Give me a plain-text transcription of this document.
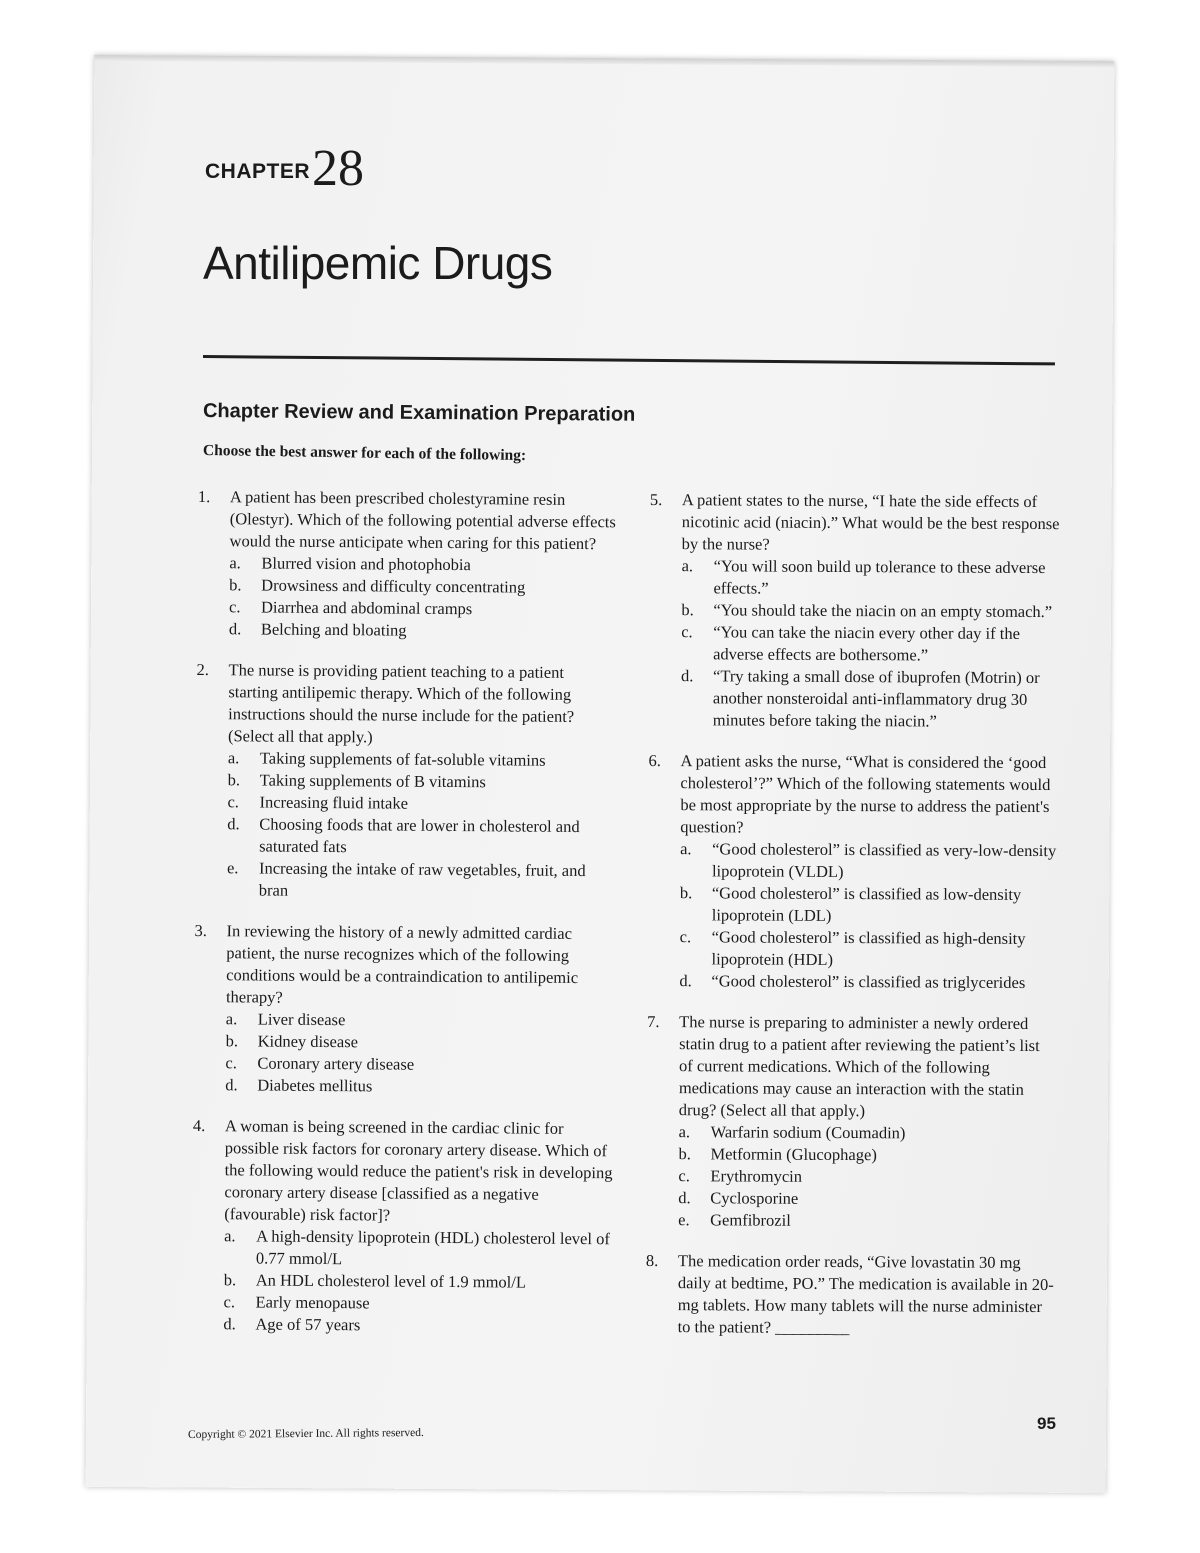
CHAPTER 28
Antilipemic Drugs
Chapter Review and Examination Preparation
Choose the best answer for each of the following:
1. A patient has been prescribed cholestyramine resin (Olestyr). Which of the following potential adverse effects would the nurse anticipate when caring for this patient?
a. Blurred vision and photophobia
b. Drowsiness and difficulty concentrating
c. Diarrhea and abdominal cramps
d. Belching and bloating
2. The nurse is providing patient teaching to a patient starting antilipemic therapy. Which of the following instructions should the nurse include for the patient? (Select all that apply.)
a. Taking supplements of fat-soluble vitamins
b. Taking supplements of B vitamins
c. Increasing fluid intake
d. Choosing foods that are lower in cholesterol and saturated fats
e. Increasing the intake of raw vegetables, fruit, and bran
3. In reviewing the history of a newly admitted cardiac patient, the nurse recognizes which of the following conditions would be a contraindication to antilipemic therapy?
a. Liver disease
b. Kidney disease
c. Coronary artery disease
d. Diabetes mellitus
4. A woman is being screened in the cardiac clinic for possible risk factors for coronary artery disease. Which of the following would reduce the patient's risk in developing coronary artery disease [classified as a negative (favourable) risk factor]?
a. A high-density lipoprotein (HDL) cholesterol level of 0.77 mmol/L
b. An HDL cholesterol level of 1.9 mmol/L
c. Early menopause
d. Age of 57 years
5. A patient states to the nurse, “I hate the side effects of nicotinic acid (niacin).” What would be the best response by the nurse?
a. “You will soon build up tolerance to these adverse effects.”
b. “You should take the niacin on an empty stomach.”
c. “You can take the niacin every other day if the adverse effects are bothersome.”
d. “Try taking a small dose of ibuprofen (Motrin) or another nonsteroidal anti-inflammatory drug 30 minutes before taking the niacin.”
6. A patient asks the nurse, “What is considered the ‘good cholesterol’?” Which of the following statements would be most appropriate by the nurse to address the patient's question?
a. “Good cholesterol” is classified as very-low-density lipoprotein (VLDL)
b. “Good cholesterol” is classified as low-density lipoprotein (LDL)
c. “Good cholesterol” is classified as high-density lipoprotein (HDL)
d. “Good cholesterol” is classified as triglycerides
7. The nurse is preparing to administer a newly ordered statin drug to a patient after reviewing the patient’s list of current medications. Which of the following medications may cause an interaction with the statin drug? (Select all that apply.)
a. Warfarin sodium (Coumadin)
b. Metformin (Glucophage)
c. Erythromycin
d. Cyclosporine
e. Gemfibrozil
8. The medication order reads, “Give lovastatin 30 mg daily at bedtime, PO.” The medication is available in 20-mg tablets. How many tablets will the nurse administer to the patient? _________
Copyright © 2021 Elsevier Inc. All rights reserved.
95
